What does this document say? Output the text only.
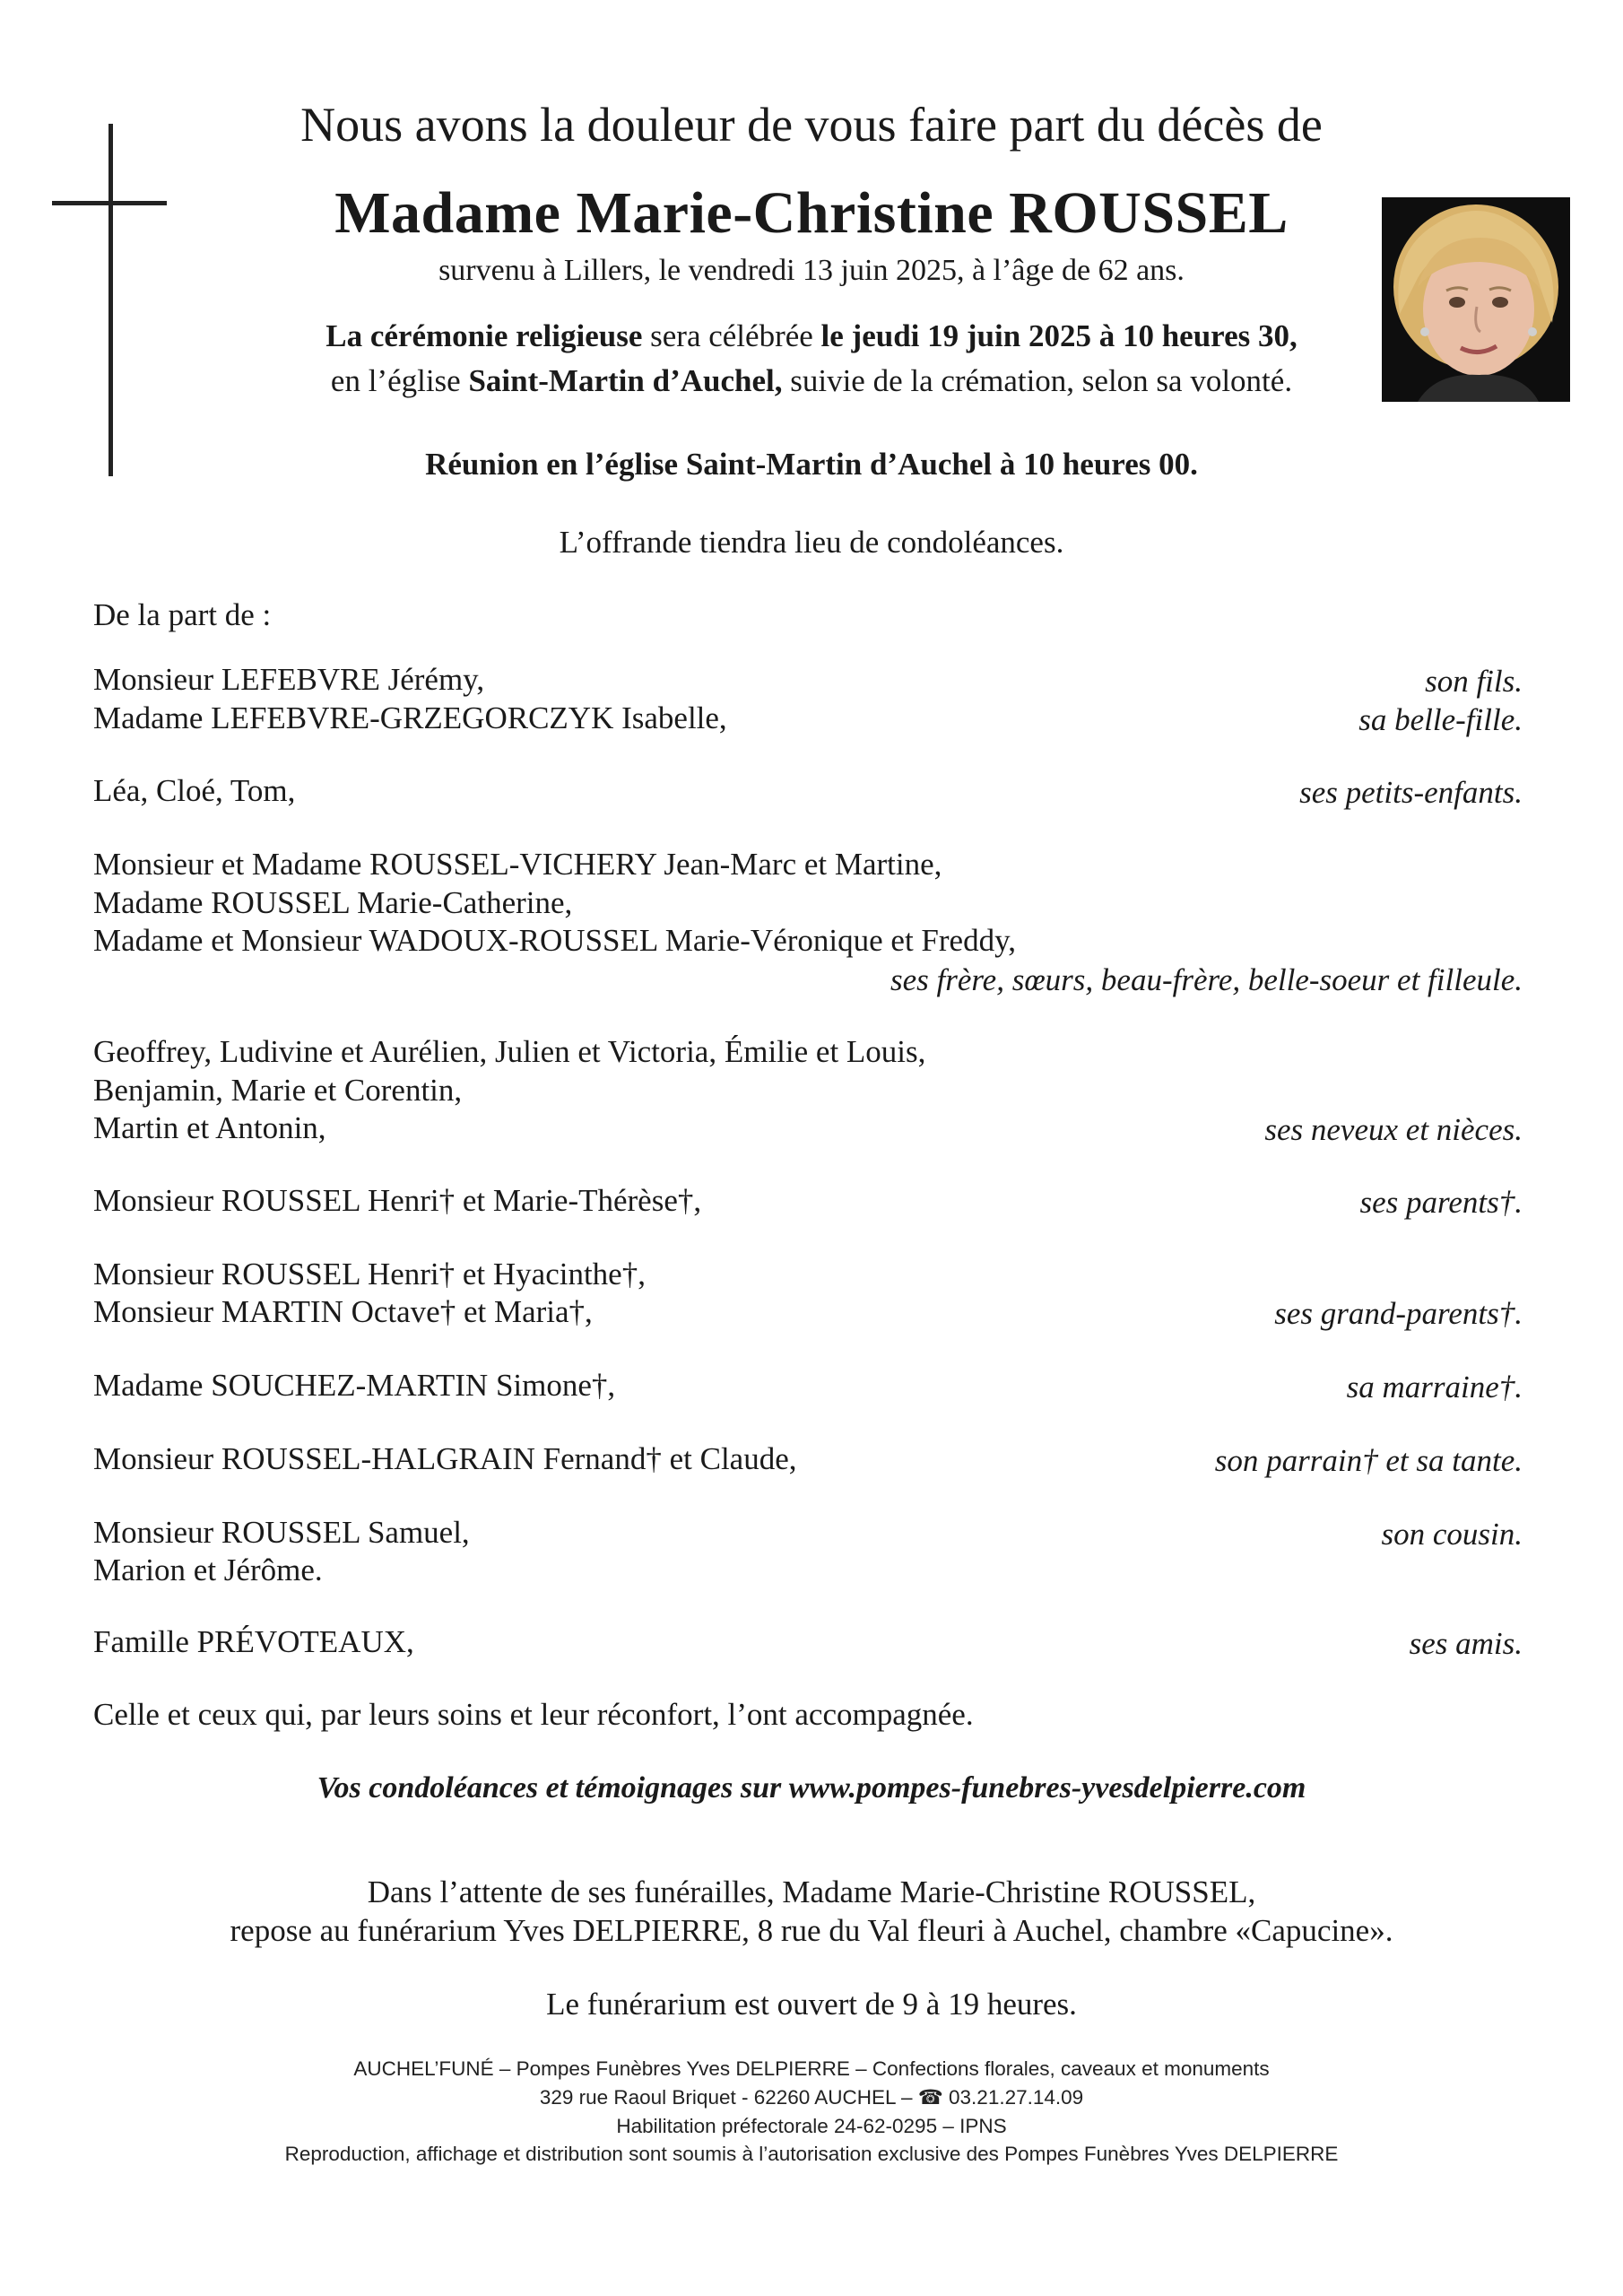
Nous avons la douleur de vous faire part du décès de
Madame Marie-Christine ROUSSEL
survenu à Lillers, le vendredi 13 juin 2025, à l’âge de 62 ans.
La cérémonie religieuse sera célébrée le jeudi 19 juin 2025 à 10 heures 30,
en l’église Saint-Martin d’Auchel, suivie de la crémation, selon sa volonté.
Réunion en l’église Saint-Martin d’Auchel à 10 heures 00.
L’offrande tiendra lieu de condoléances.
De la part de :
Monsieur LEFEBVRE Jérémy,	son fils.
Madame LEFEBVRE-GRZEGORCZYK Isabelle,	sa belle-fille.
Léa, Cloé, Tom,	ses petits-enfants.
Monsieur et Madame ROUSSEL-VICHERY Jean-Marc et Martine,
Madame ROUSSEL Marie-Catherine,
Madame et Monsieur WADOUX-ROUSSEL Marie-Véronique et Freddy,
ses frère, sœurs, beau-frère, belle-soeur et filleule.
Geoffrey, Ludivine et Aurélien, Julien et Victoria, Émilie et Louis,
Benjamin, Marie et Corentin,
Martin et Antonin,	ses neveux et nièces.
Monsieur ROUSSEL Henri† et Marie-Thérèse†,	ses parents†.
Monsieur ROUSSEL Henri† et Hyacinthe†,
Monsieur MARTIN Octave† et Maria†,	ses grand-parents†.
Madame SOUCHEZ-MARTIN Simone†,	sa marraine†.
Monsieur ROUSSEL-HALGRAIN Fernand† et Claude,	son parrain† et sa tante.
Monsieur ROUSSEL Samuel,	son cousin.
Marion et Jérôme.
Famille PRÉVOTEAUX,	ses amis.
Celle et ceux qui, par leurs soins et leur réconfort, l’ont accompagnée.
Vos condoléances et témoignages sur www.pompes-funebres-yvesdelpierre.com
Dans l’attente de ses funérailles, Madame Marie-Christine ROUSSEL,
repose au funérarium Yves DELPIERRE, 8 rue du Val fleuri à Auchel, chambre «Capucine».
Le funérarium est ouvert de 9 à 19 heures.
AUCHEL’FUNÉ – Pompes Funèbres Yves DELPIERRE – Confections florales, caveaux et monuments
329 rue Raoul Briquet - 62260 AUCHEL – ☎ 03.21.27.14.09
Habilitation préfectorale 24-62-0295 – IPNS
Reproduction, affichage et distribution sont soumis à l’autorisation exclusive des Pompes Funèbres Yves DELPIERRE
